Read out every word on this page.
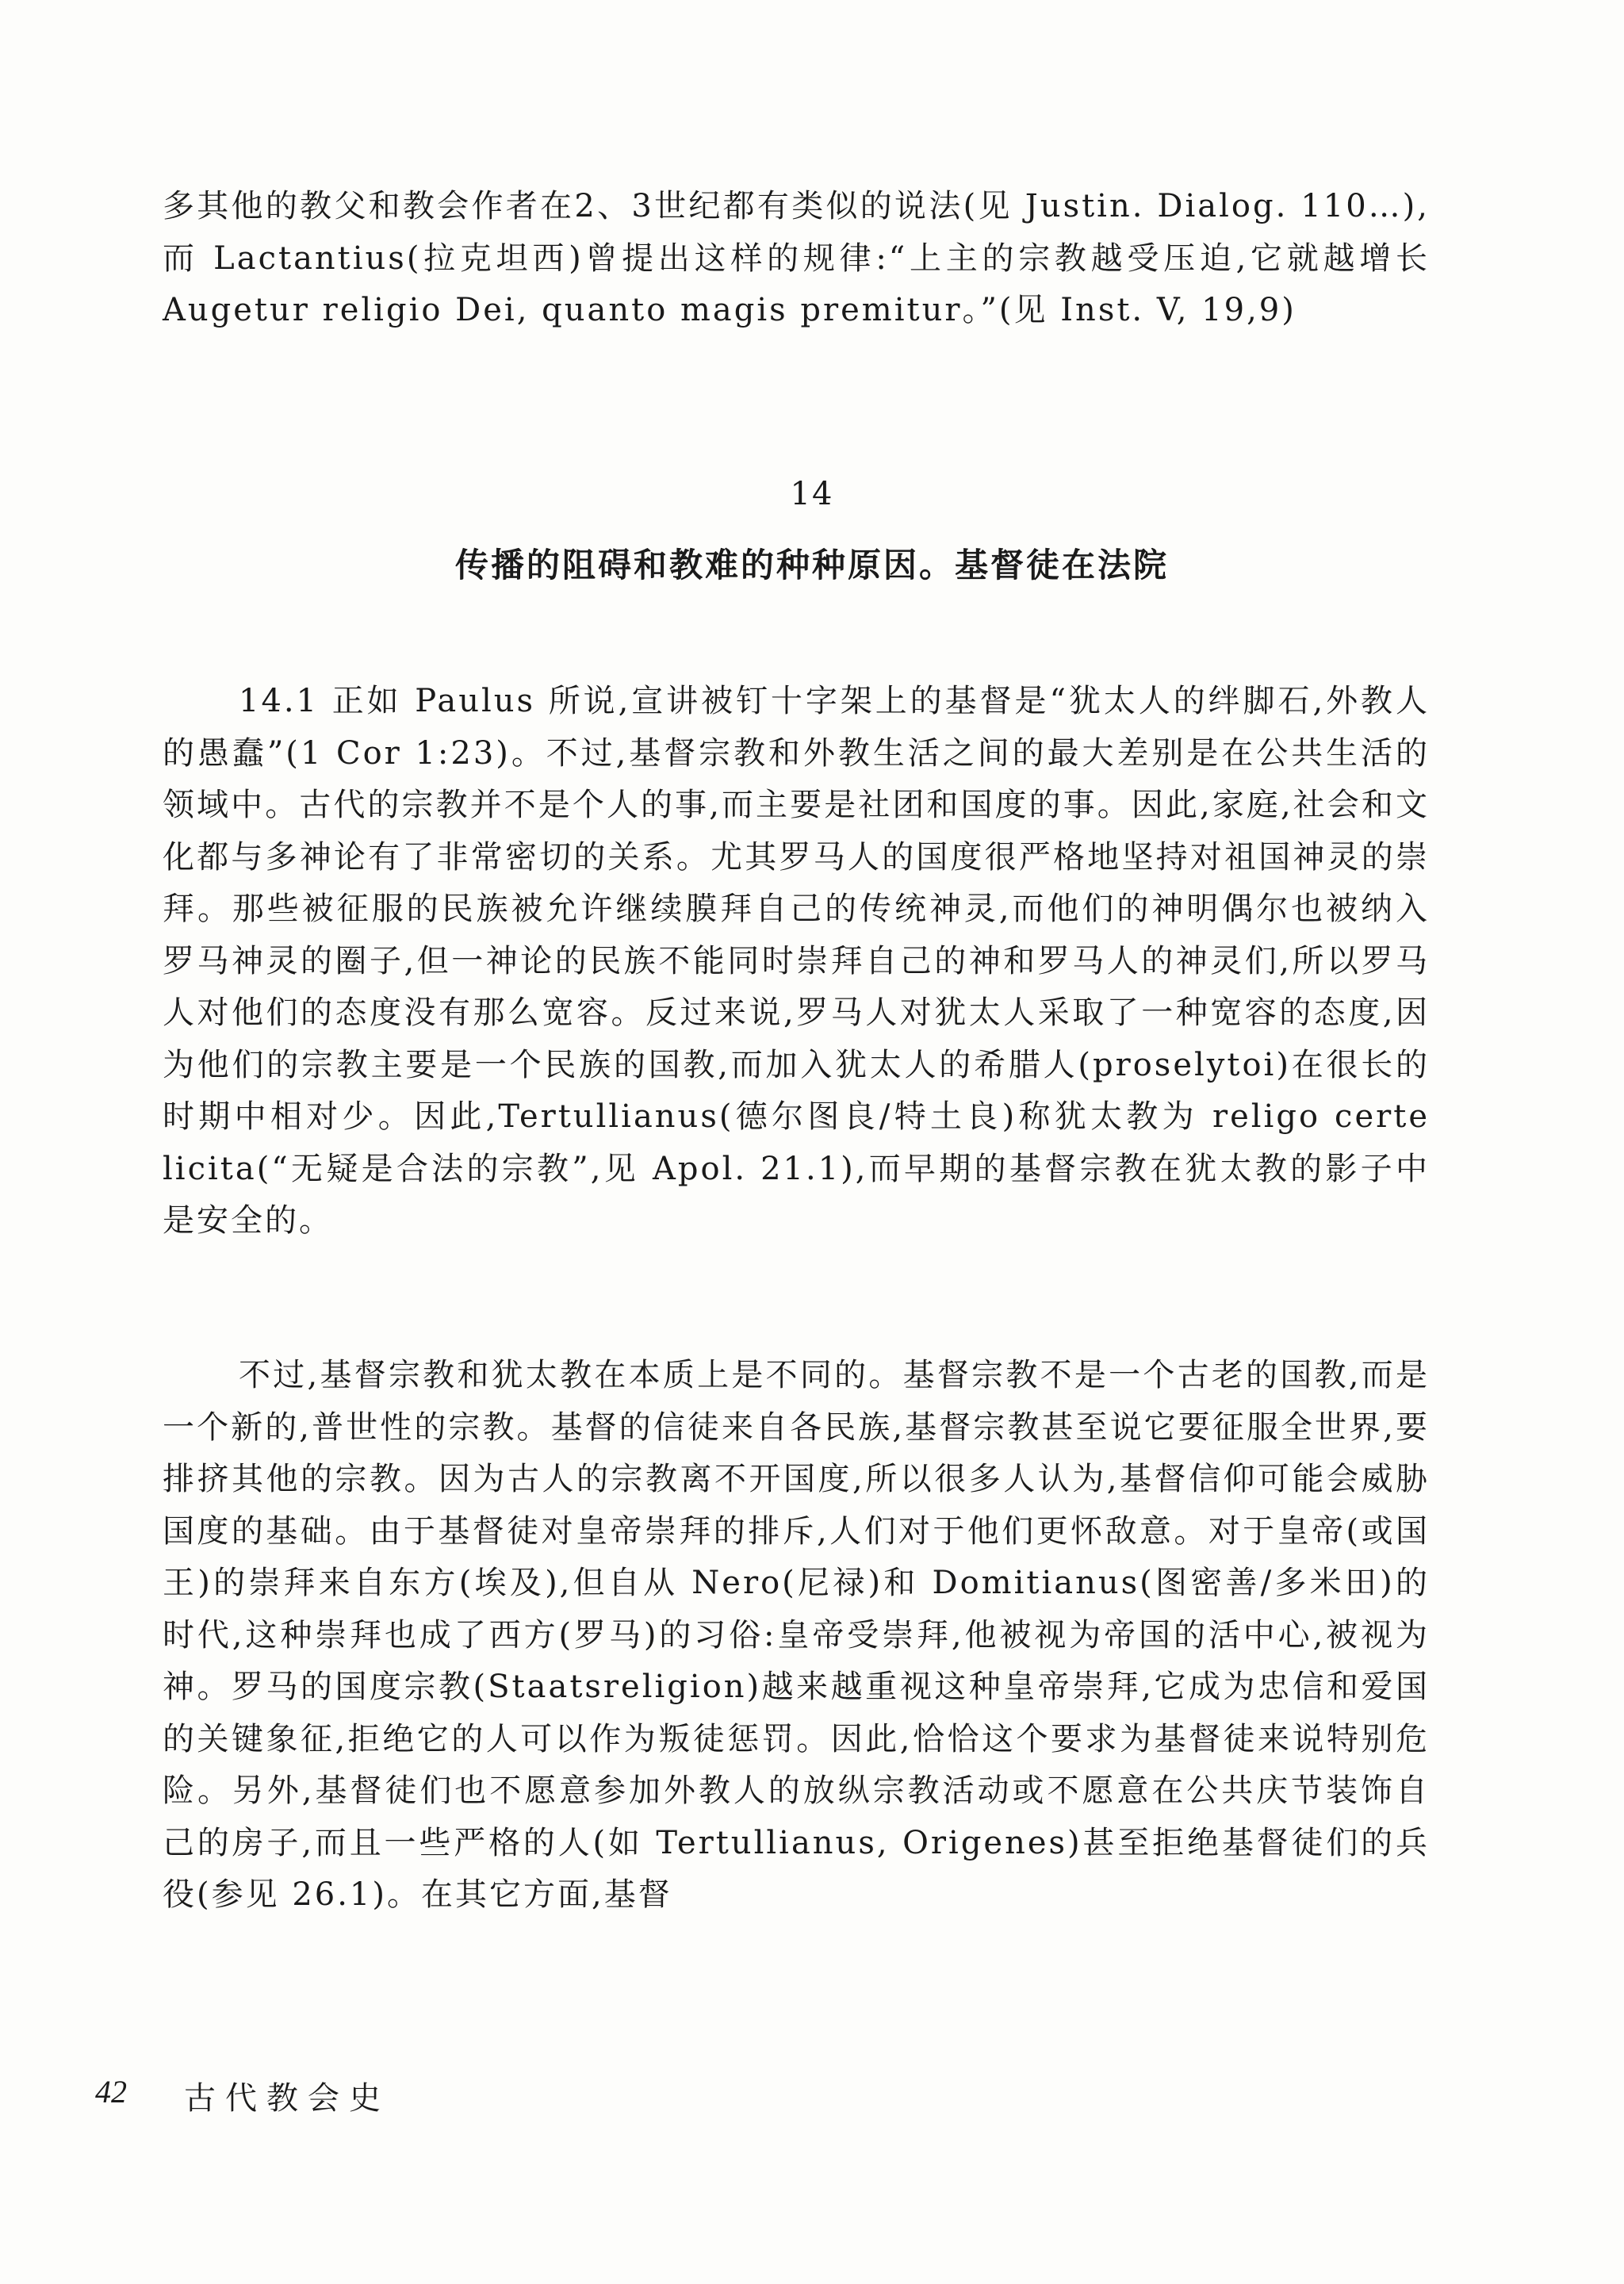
多其他的教父和教会作者在2、3世纪都有类似的说法(见 Justin. Dialog. 110…),而 Lactantius(拉克坦西)曾提出这样的规律:“上主的宗教越受压迫,它就越增长 Augetur religio Dei, quanto magis premitur。”(见 Inst. V, 19,9)

14
传播的阻碍和教难的种种原因。基督徒在法院

14.1 正如 Paulus 所说,宣讲被钉十字架上的基督是“犹太人的绊脚石,外教人的愚蠢”(1 Cor 1:23)。不过,基督宗教和外教生活之间的最大差别是在公共生活的领域中。古代的宗教并不是个人的事,而主要是社团和国度的事。因此,家庭,社会和文化都与多神论有了非常密切的关系。尤其罗马人的国度很严格地坚持对祖国神灵的崇拜。那些被征服的民族被允许继续膜拜自己的传统神灵,而他们的神明偶尔也被纳入罗马神灵的圈子,但一神论的民族不能同时崇拜自己的神和罗马人的神灵们,所以罗马人对他们的态度没有那么宽容。反过来说,罗马人对犹太人采取了一种宽容的态度,因为他们的宗教主要是一个民族的国教,而加入犹太人的希腊人(proselytoi)在很长的时期中相对少。因此,Tertullianus(德尔图良/特土良)称犹太教为 religo certe licita(“无疑是合法的宗教”,见 Apol. 21.1),而早期的基督宗教在犹太教的影子中是安全的。

不过,基督宗教和犹太教在本质上是不同的。基督宗教不是一个古老的国教,而是一个新的,普世性的宗教。基督的信徒来自各民族,基督宗教甚至说它要征服全世界,要排挤其他的宗教。因为古人的宗教离不开国度,所以很多人认为,基督信仰可能会威胁国度的基础。由于基督徒对皇帝崇拜的排斥,人们对于他们更怀敌意。对于皇帝(或国王)的崇拜来自东方(埃及),但自从 Nero(尼禄)和 Domitianus(图密善/多米田)的时代,这种崇拜也成了西方(罗马)的习俗:皇帝受崇拜,他被视为帝国的活中心,被视为神。罗马的国度宗教(Staatsreligion)越来越重视这种皇帝崇拜,它成为忠信和爱国的关键象征,拒绝它的人可以作为叛徒惩罚。因此,恰恰这个要求为基督徒来说特别危险。另外,基督徒们也不愿意参加外教人的放纵宗教活动或不愿意在公共庆节装饰自己的房子,而且一些严格的人(如 Tertullianus, Origenes)甚至拒绝基督徒们的兵役(参见 26.1)。在其它方面,基督

42 古代教会史
